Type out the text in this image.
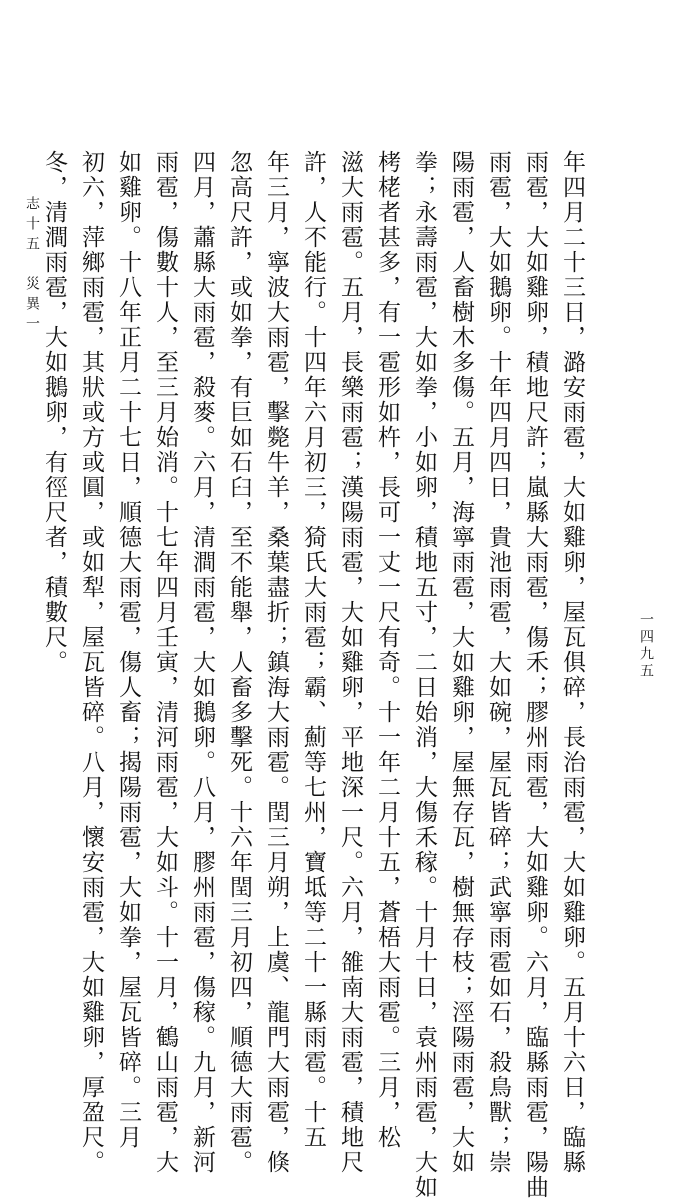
志十五　災異一	年四月二十三日，潞安雨雹，大如雞卵，屋瓦俱碎，長治雨雹，大如雞卵。五月十六日，臨縣
雨雹，大如雞卵，積地尺許；嵐縣大雨雹，傷禾；膠州雨雹，大如雞卵。六月，臨縣雨雹，陽曲
雨雹，大如鵝卵。十年四月四日，貴池雨雹，大如碗，屋瓦皆碎；武寧雨雹如石，殺鳥獸；崇
陽雨雹，人畜樹木多傷。五月，海寧雨雹，大如雞卵，屋無存瓦，樹無存枝；涇陽雨雹，大如
拳；永壽雨雹，大如拳，小如卵，積地五寸，二日始消，大傷禾稼。十月十日，袁州雨雹，大如
栲栳者甚多，有一雹形如杵，長可一丈一尺有奇。十一年二月十五，蒼梧大雨雹。三月，松
滋大雨雹。五月，長樂雨雹；漢陽雨雹，大如雞卵，平地深一尺。六月，雒南大雨雹，積地尺
許，人不能行。十四年六月初三，猗氏大雨雹；霸、薊等七州，寶坻等二十一縣雨雹。十五
年三月，寧波大雨雹，擊斃牛羊，桑葉盡折；鎮海大雨雹。閏三月朔，上虞、龍門大雨雹，倏
忽高尺許，或如拳，有巨如石臼，至不能舉，人畜多擊死。十六年閏三月初四，順德大雨雹。
四月，蕭縣大雨雹，殺麥。六月，清澗雨雹，大如鵝卵。八月，膠州雨雹，傷稼。九月，新河
雨雹，傷數十人，至三月始消。十七年四月壬寅，清河雨雹，大如斗。十一月，鶴山雨雹，大
如雞卵。十八年正月二十七日，順德大雨雹，傷人畜；揭陽雨雹，大如拳，屋瓦皆碎。三月
初六，萍鄉雨雹，其狀或方或圓，或如犁，屋瓦皆碎。八月，懷安雨雹，大如雞卵，厚盈尺。
冬，清澗雨雹，大如鵝卵，有徑尺者，積數尺。	一四九五
